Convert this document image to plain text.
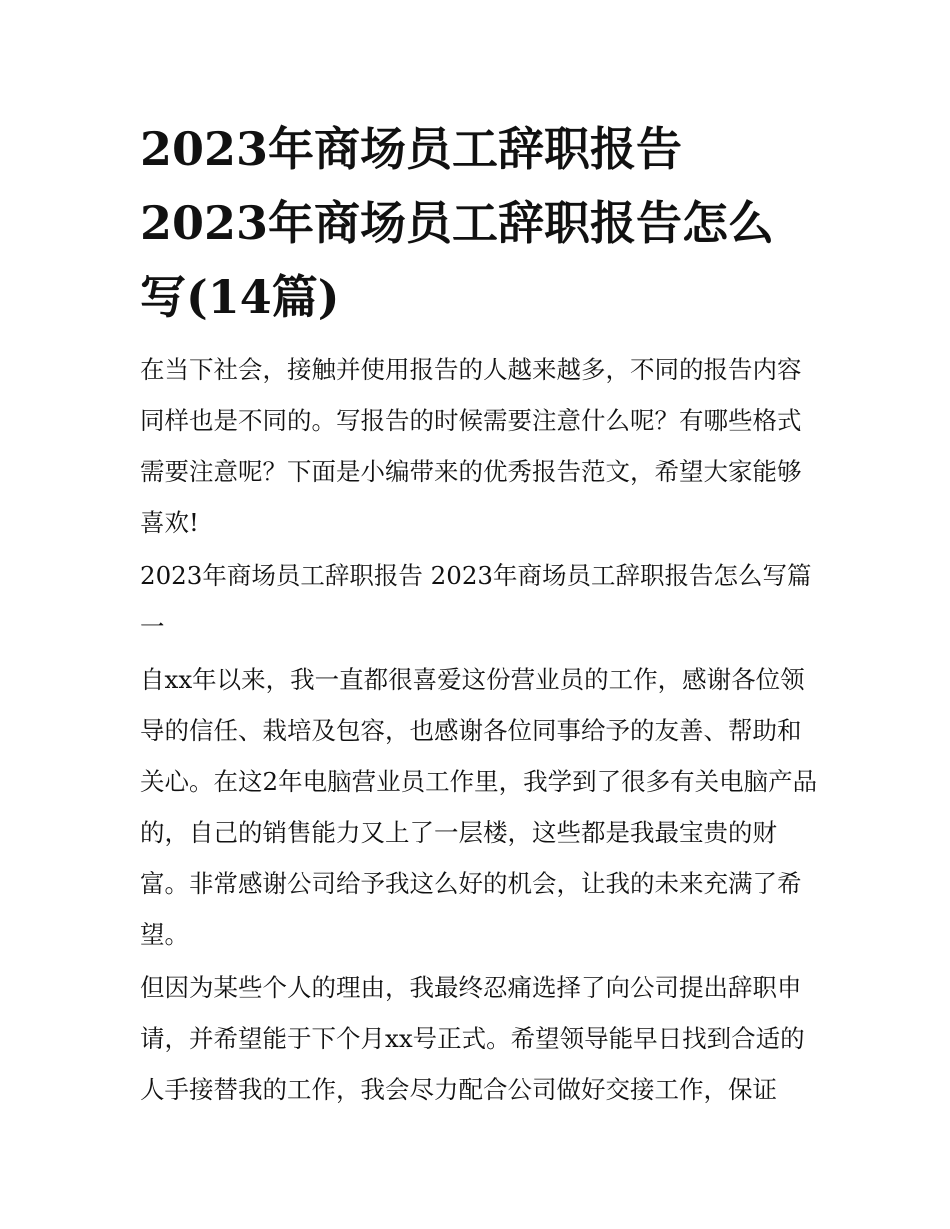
2023年商场员工辞职报告
2023年商场员工辞职报告怎么
写(14篇)

在当下社会，接触并使用报告的人越来越多，不同的报告内容同样也是不同的。写报告的时候需要注意什么呢？有哪些格式需要注意呢？下面是小编带来的优秀报告范文，希望大家能够喜欢!

2023年商场员工辞职报告 2023年商场员工辞职报告怎么写篇一

自xx年以来，我一直都很喜爱这份营业员的工作，感谢各位领导的信任、栽培及包容，也感谢各位同事给予的友善、帮助和关心。在这2年电脑营业员工作里，我学到了很多有关电脑产品的，自己的销售能力又上了一层楼，这些都是我最宝贵的财富。非常感谢公司给予我这么好的机会，让我的未来充满了希望。

但因为某些个人的理由，我最终忍痛选择了向公司提出辞职申请，并希望能于下个月xx号正式。希望领导能早日找到合适的人手接替我的工作，我会尽力配合公司做好交接工作，保证
